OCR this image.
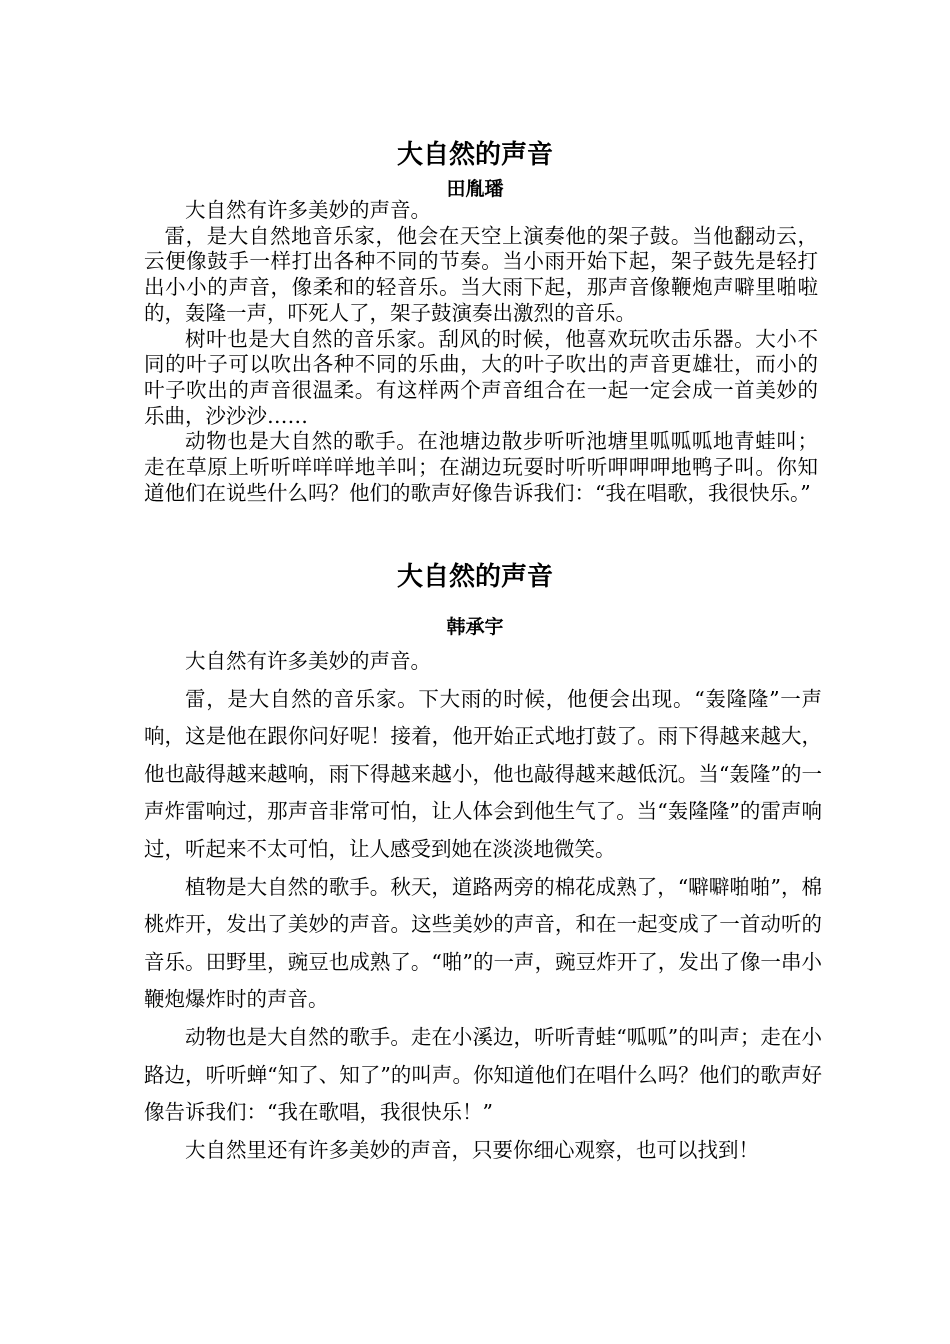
大自然的声音
田胤璠

大自然有许多美妙的声音。

雷，是大自然地音乐家，他会在天空上演奏他的架子鼓。当他翻动云，云便像鼓手一样打出各种不同的节奏。当小雨开始下起，架子鼓先是轻打出小小的声音，像柔和的轻音乐。当大雨下起，那声音像鞭炮声噼里啪啦的，轰隆一声，吓死人了，架子鼓演奏出激烈的音乐。

树叶也是大自然的音乐家。刮风的时候，他喜欢玩吹击乐器。大小不同的叶子可以吹出各种不同的乐曲，大的叶子吹出的声音更雄壮，而小的叶子吹出的声音很温柔。有这样两个声音组合在一起一定会成一首美妙的乐曲，沙沙沙……

动物也是大自然的歌手。在池塘边散步听听池塘里呱呱呱地青蛙叫；走在草原上听听咩咩咩地羊叫；在湖边玩耍时听听呷呷呷地鸭子叫。你知道他们在说些什么吗？他们的歌声好像告诉我们：“我在唱歌，我很快乐。”

大自然的声音
韩承宇

大自然有许多美妙的声音。

雷，是大自然的音乐家。下大雨的时候，他便会出现。“轰隆隆”一声响，这是他在跟你问好呢！接着，他开始正式地打鼓了。雨下得越来越大，他也敲得越来越响，雨下得越来越小，他也敲得越来越低沉。当“轰隆”的一声炸雷响过，那声音非常可怕，让人体会到他生气了。当“轰隆隆”的雷声响过，听起来不太可怕，让人感受到她在淡淡地微笑。

植物是大自然的歌手。秋天，道路两旁的棉花成熟了，“噼噼啪啪”，棉桃炸开，发出了美妙的声音。这些美妙的声音，和在一起变成了一首动听的音乐。田野里，豌豆也成熟了。“啪”的一声，豌豆炸开了，发出了像一串小鞭炮爆炸时的声音。

动物也是大自然的歌手。走在小溪边，听听青蛙“呱呱”的叫声；走在小路边，听听蝉“知了、知了”的叫声。你知道他们在唱什么吗？他们的歌声好像告诉我们：“我在歌唱，我很快乐！”

大自然里还有许多美妙的声音，只要你细心观察，也可以找到！
